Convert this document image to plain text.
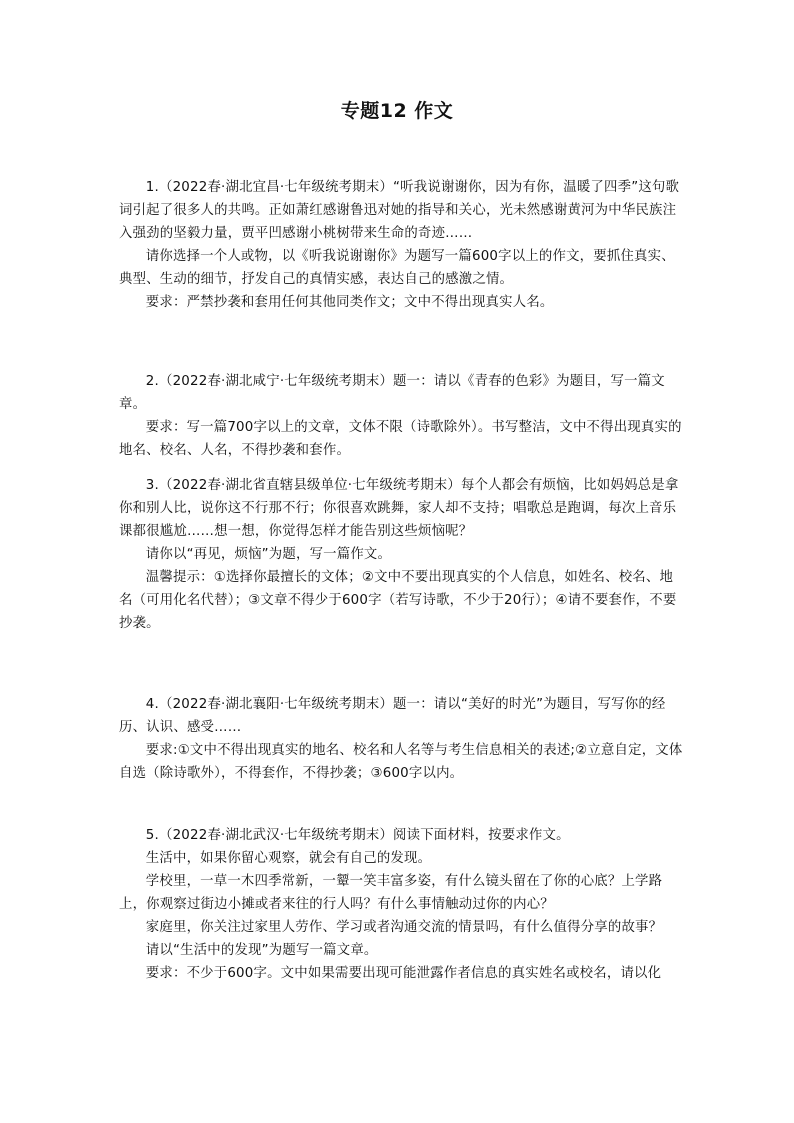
专题12 作文

1.（2022春·湖北宜昌·七年级统考期末）“听我说谢谢你，因为有你，温暖了四季”这句歌词引起了很多人的共鸣。正如萧红感谢鲁迅对她的指导和关心，光未然感谢黄河为中华民族注入强劲的坚毅力量，贾平凹感谢小桃树带来生命的奇迹……

请你选择一个人或物，以《听我说谢谢你》为题写一篇600字以上的作文，要抓住真实、典型、生动的细节，抒发自己的真情实感，表达自己的感激之情。

要求：严禁抄袭和套用任何其他同类作文；文中不得出现真实人名。

2.（2022春·湖北咸宁·七年级统考期末）题一：请以《青春的色彩》为题目，写一篇文章。

要求：写一篇700字以上的文章，文体不限（诗歌除外）。书写整洁，文中不得出现真实的地名、校名、人名，不得抄袭和套作。

3.（2022春·湖北省直辖县级单位·七年级统考期末）每个人都会有烦恼，比如妈妈总是拿你和别人比，说你这不行那不行；你很喜欢跳舞，家人却不支持；唱歌总是跑调，每次上音乐课都很尴尬……想一想，你觉得怎样才能告别这些烦恼呢？

请你以“再见，烦恼”为题，写一篇作文。

温馨提示：①选择你最擅长的文体；②文中不要出现真实的个人信息，如姓名、校名、地名（可用化名代替）；③文章不得少于600字（若写诗歌，不少于20行）；④请不要套作，不要抄袭。

4.（2022春·湖北襄阳·七年级统考期末）题一：请以“美好的时光”为题目，写写你的经历、认识、感受……

要求:①文中不得出现真实的地名、校名和人名等与考生信息相关的表述;②立意自定，文体自选（除诗歌外），不得套作，不得抄袭；③600字以内。

5.（2022春·湖北武汉·七年级统考期末）阅读下面材料，按要求作文。

生活中，如果你留心观察，就会有自己的发现。

学校里，一草一木四季常新，一颦一笑丰富多姿，有什么镜头留在了你的心底？上学路上，你观察过街边小摊或者来往的行人吗？有什么事情触动过你的内心？

家庭里，你关注过家里人劳作、学习或者沟通交流的情景吗，有什么值得分享的故事？

请以“生活中的发现”为题写一篇文章。

要求：不少于600字。文中如果需要出现可能泄露作者信息的真实姓名或校名，请以化
